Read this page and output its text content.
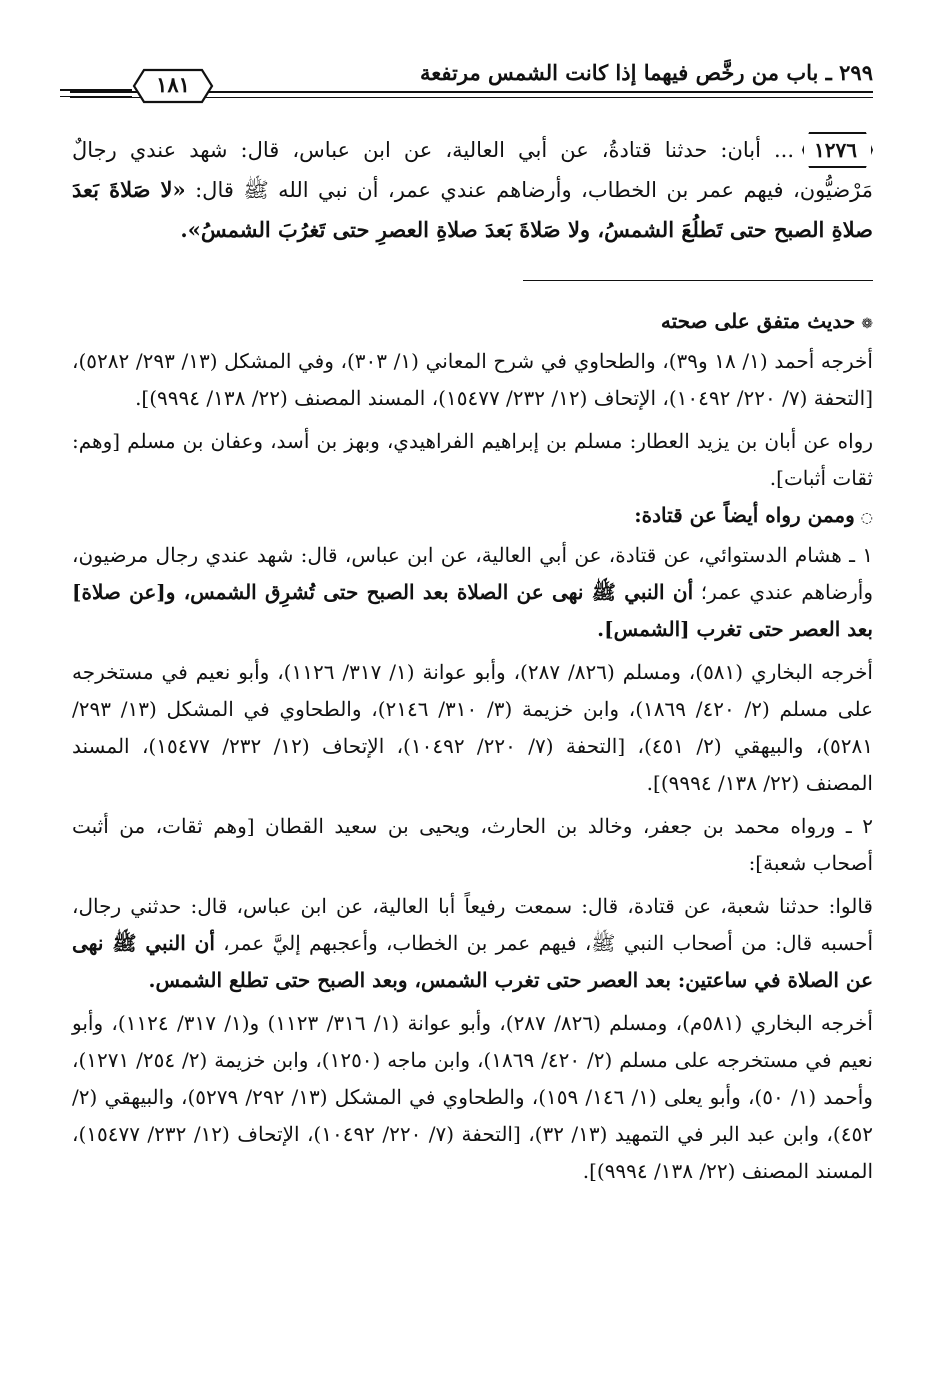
٢٩٩ ـ باب من رخَّص فيهما إذا كانت الشمس مرتفعة
١٨١

١٢٧٦... أبان: حدثنا قتادةُ، عن أبي العالية، عن ابن عباس، قال: شهد عندي رجالٌ مَرْضيُّون، فيهم عمر بن الخطاب، وأرضاهم عندي عمر، أن نبي الله ﷺ قال: «لا صَلاةَ بَعدَ صلاةِ الصبح حتى تَطلُعَ الشمسُ، ولا صَلاةَ بَعدَ صلاةِ العصرِ حتى تَغرُبَ الشمسُ».

❁حديث متفق على صحته

أخرجه أحمد (١/ ١٨ و٣٩)، والطحاوي في شرح المعاني (١/ ٣٠٣)، وفي المشكل (١٣/ ٢٩٣/ ٥٢٨٢)، [التحفة (٧/ ٢٢٠/ ١٠٤٩٢)، الإتحاف (١٢/ ٢٣٢/ ١٥٤٧٧)، المسند المصنف (٢٢/ ١٣٨/ ٩٩٩٤)].

رواه عن أبان بن يزيد العطار: مسلم بن إبراهيم الفراهيدي، وبهز بن أسد، وعفان بن مسلم [وهم: ثقات أثبات].

◌وممن رواه أيضاً عن قتادة:

١ ـ هشام الدستوائي، عن قتادة، عن أبي العالية، عن ابن عباس، قال: شهد عندي رجال مرضيون، وأرضاهم عندي عمر؛ أن النبي ﷺ نهى عن الصلاة بعد الصبح حتى تُشرِق الشمس، و[عن صلاة] بعد العصر حتى تغرب [الشمس].

أخرجه البخاري (٥٨١)، ومسلم (٨٢٦/ ٢٨٧)، وأبو عوانة (١/ ٣١٧/ ١١٢٦)، وأبو نعيم في مستخرجه على مسلم (٢/ ٤٢٠/ ١٨٦٩)، وابن خزيمة (٣/ ٣١٠/ ٢١٤٦)، والطحاوي في المشكل (١٣/ ٢٩٣/ ٥٢٨١)، والبيهقي (٢/ ٤٥١)، [التحفة (٧/ ٢٢٠/ ١٠٤٩٢)، الإتحاف (١٢/ ٢٣٢/ ١٥٤٧٧)، المسند المصنف (٢٢/ ١٣٨/ ٩٩٩٤)].

٢ ـ ورواه محمد بن جعفر، وخالد بن الحارث، ويحيى بن سعيد القطان [وهم ثقات، من أثبت أصحاب شعبة]:

قالوا: حدثنا شعبة، عن قتادة، قال: سمعت رفيعاً أبا العالية، عن ابن عباس، قال: حدثني رجال، أحسبه قال: من أصحاب النبي ﷺ، فيهم عمر بن الخطاب، وأعجبهم إليَّ عمر، أن النبي ﷺ نهى عن الصلاة في ساعتين: بعد العصر حتى تغرب الشمس، وبعد الصبح حتى تطلع الشمس.

أخرجه البخاري (٥٨١م)، ومسلم (٨٢٦/ ٢٨٧)، وأبو عوانة (١/ ٣١٦/ ١١٢٣) و(١/ ٣١٧/ ١١٢٤)، وأبو نعيم في مستخرجه على مسلم (٢/ ٤٢٠/ ١٨٦٩)، وابن ماجه (١٢٥٠)، وابن خزيمة (٢/ ٢٥٤/ ١٢٧١)، وأحمد (١/ ٥٠)، وأبو يعلى (١/ ١٤٦/ ١٥٩)، والطحاوي في المشكل (١٣/ ٢٩٢/ ٥٢٧٩)، والبيهقي (٢/ ٤٥٢)، وابن عبد البر في التمهيد (١٣/ ٣٢)، [التحفة (٧/ ٢٢٠/ ١٠٤٩٢)، الإتحاف (١٢/ ٢٣٢/ ١٥٤٧٧)، المسند المصنف (٢٢/ ١٣٨/ ٩٩٩٤)].
